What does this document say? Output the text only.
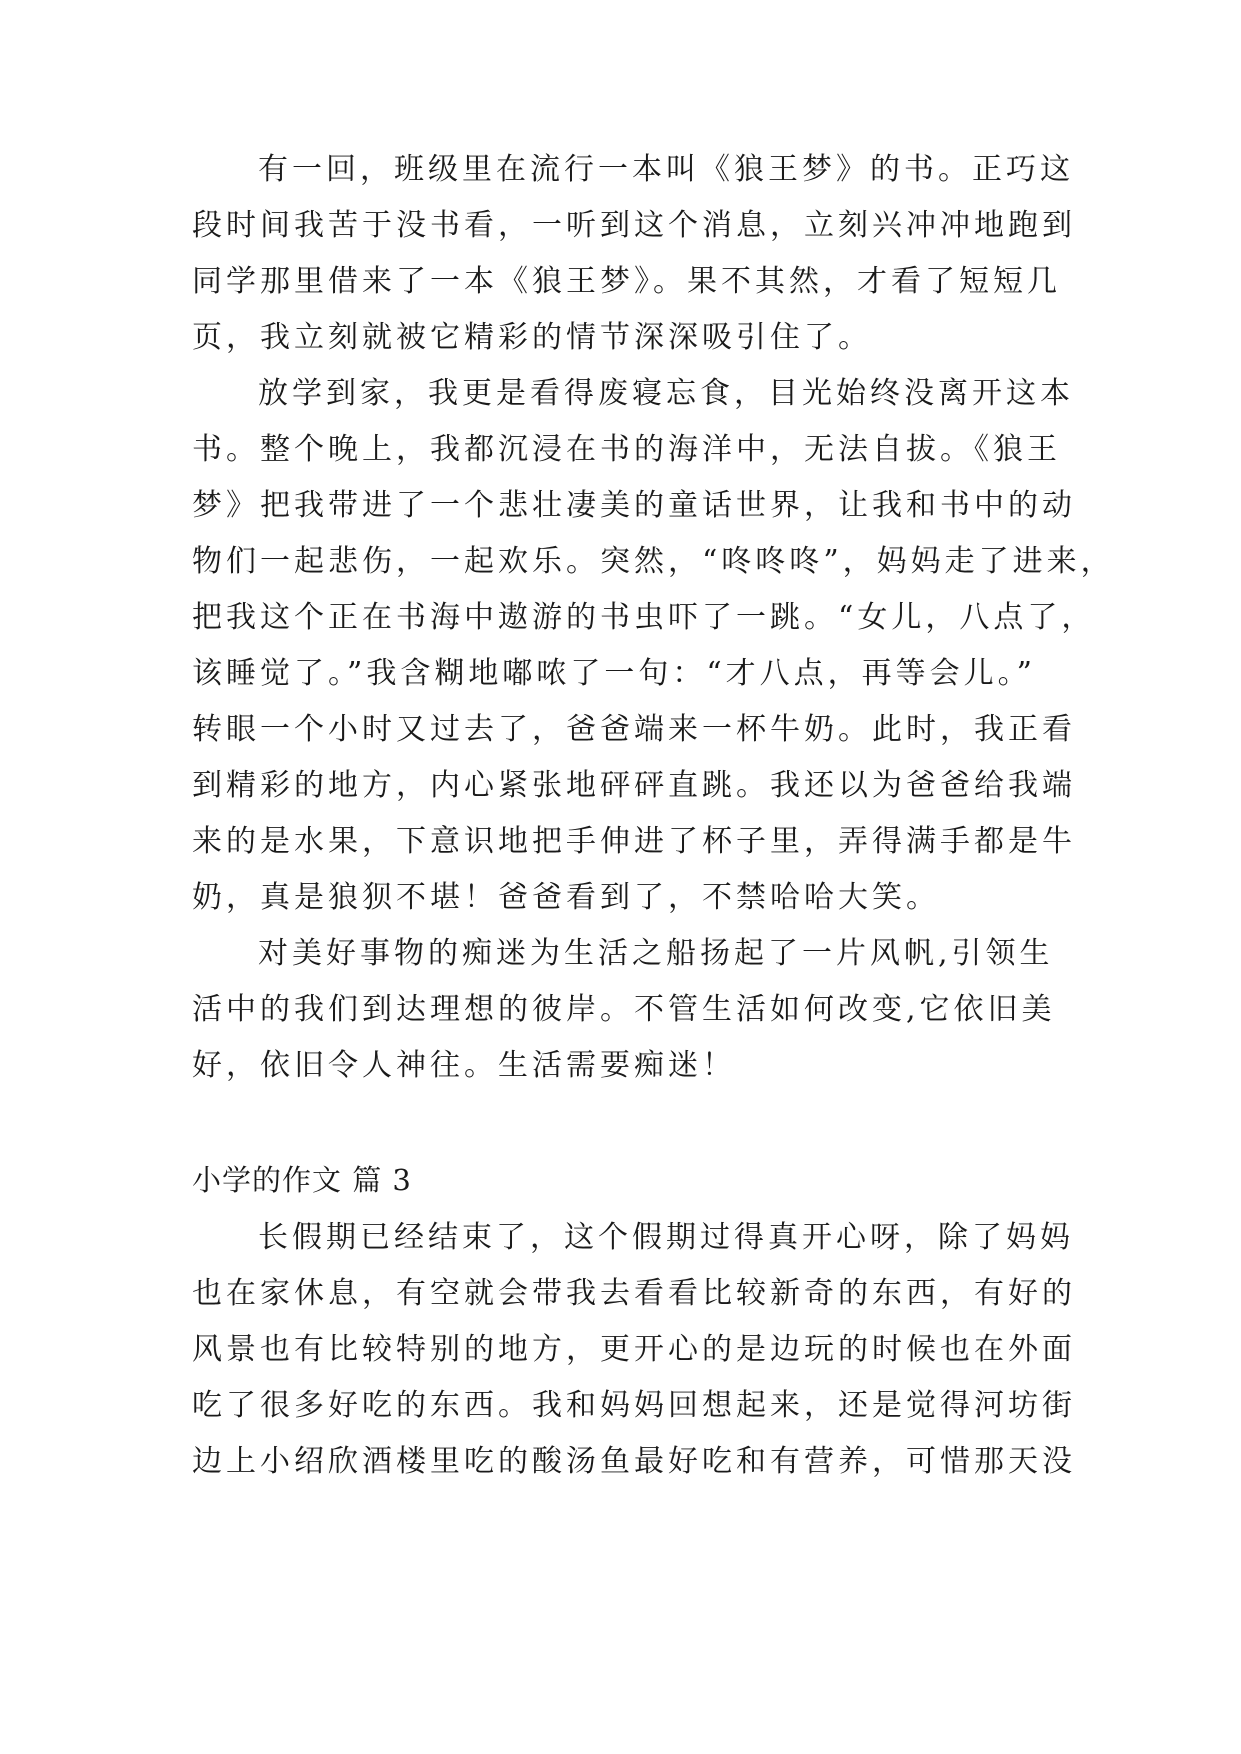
有一回，班级里在流行一本叫《狼王梦》的书。正巧这
段时间我苦于没书看，一听到这个消息，立刻兴冲冲地跑到
同学那里借来了一本《狼王梦》。果不其然，才看了短短几
页，我立刻就被它精彩的情节深深吸引住了。
放学到家，我更是看得废寝忘食，目光始终没离开这本
书。整个晚上，我都沉浸在书的海洋中，无法自拔。《狼王
梦》把我带进了一个悲壮凄美的童话世界，让我和书中的动
物们一起悲伤，一起欢乐。突然，“咚咚咚”，妈妈走了进来，
把我这个正在书海中遨游的书虫吓了一跳。“女儿，八点了，
该睡觉了。”我含糊地嘟哝了一句：“才八点，再等会儿。”
转眼一个小时又过去了，爸爸端来一杯牛奶。此时，我正看
到精彩的地方，内心紧张地砰砰直跳。我还以为爸爸给我端
来的是水果，下意识地把手伸进了杯子里，弄得满手都是牛
奶，真是狼狈不堪！爸爸看到了，不禁哈哈大笑。
对美好事物的痴迷为生活之船扬起了一片风帆,引领生
活中的我们到达理想的彼岸。不管生活如何改变,它依旧美
好，依旧令人神往。生活需要痴迷！
小学的作文 篇 3
长假期已经结束了，这个假期过得真开心呀，除了妈妈
也在家休息，有空就会带我去看看比较新奇的东西，有好的
风景也有比较特别的地方，更开心的是边玩的时候也在外面
吃了很多好吃的东西。我和妈妈回想起来，还是觉得河坊街
边上小绍欣酒楼里吃的酸汤鱼最好吃和有营养，可惜那天没
